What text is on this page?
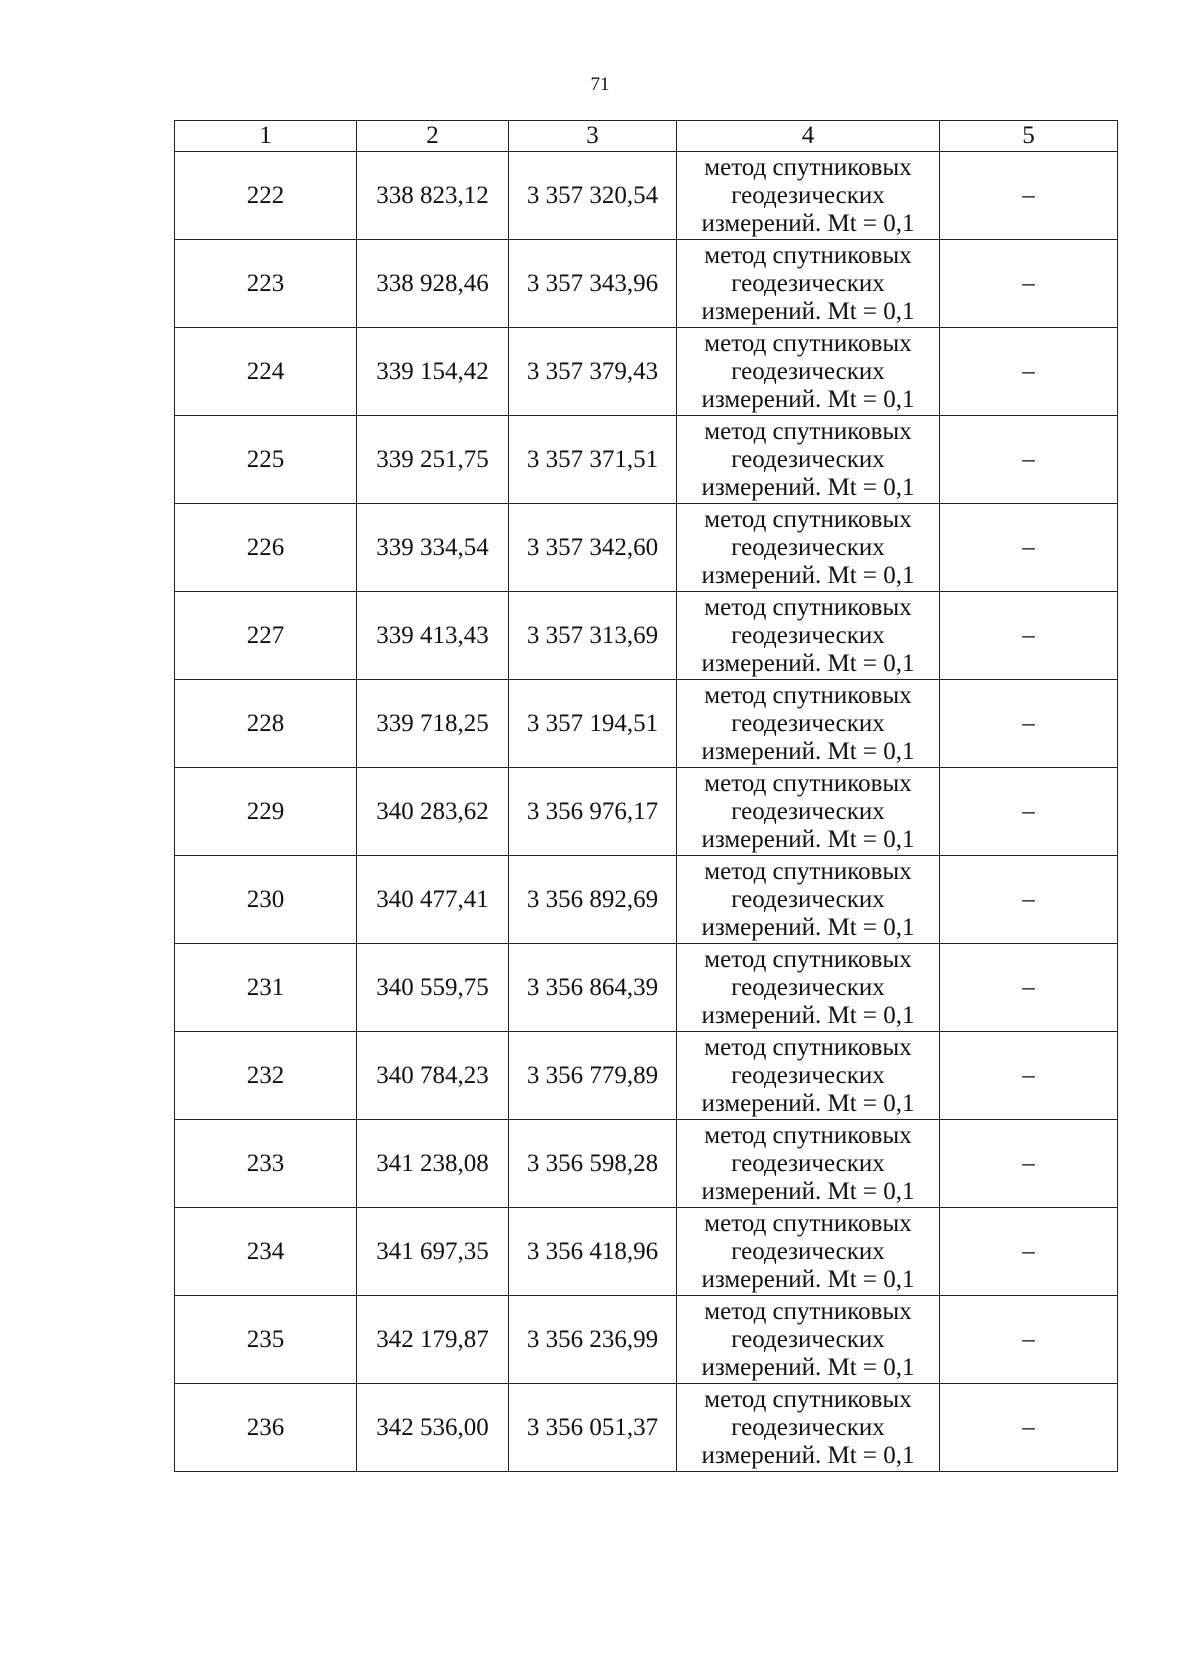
71
1	2	3	4	5
222	338 823,12	3 357 320,54	метод спутниковых
геодезических
измерений. Mt = 0,1	–
223	338 928,46	3 357 343,96	метод спутниковых
геодезических
измерений. Mt = 0,1	–
224	339 154,42	3 357 379,43	метод спутниковых
геодезических
измерений. Mt = 0,1	–
225	339 251,75	3 357 371,51	метод спутниковых
геодезических
измерений. Mt = 0,1	–
226	339 334,54	3 357 342,60	метод спутниковых
геодезических
измерений. Mt = 0,1	–
227	339 413,43	3 357 313,69	метод спутниковых
геодезических
измерений. Mt = 0,1	–
228	339 718,25	3 357 194,51	метод спутниковых
геодезических
измерений. Mt = 0,1	–
229	340 283,62	3 356 976,17	метод спутниковых
геодезических
измерений. Mt = 0,1	–
230	340 477,41	3 356 892,69	метод спутниковых
геодезических
измерений. Mt = 0,1	–
231	340 559,75	3 356 864,39	метод спутниковых
геодезических
измерений. Mt = 0,1	–
232	340 784,23	3 356 779,89	метод спутниковых
геодезических
измерений. Mt = 0,1	–
233	341 238,08	3 356 598,28	метод спутниковых
геодезических
измерений. Mt = 0,1	–
234	341 697,35	3 356 418,96	метод спутниковых
геодезических
измерений. Mt = 0,1	–
235	342 179,87	3 356 236,99	метод спутниковых
геодезических
измерений. Mt = 0,1	–
236	342 536,00	3 356 051,37	метод спутниковых
геодезических
измерений. Mt = 0,1	–
